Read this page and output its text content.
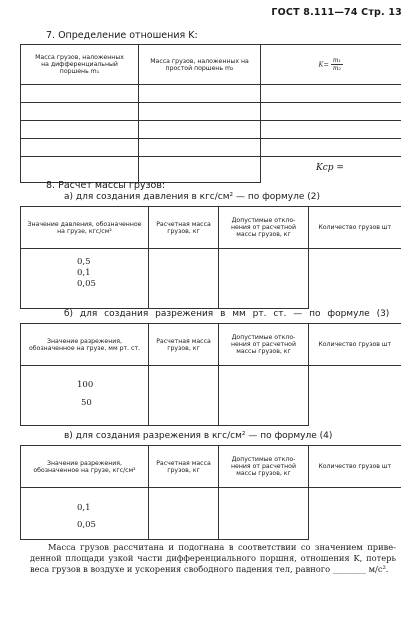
ГОСТ 8.111—74 Стр. 13
7. Определение отношения K:
Масса грузов, наложенных на дифференциальный поршень m₁	Масса грузов, наложенных на простой поршень m₂	$K= \frac{\text{m₁}}{\text{m₂}}$

Kср =
8. Расчет массы грузов:
а) для создания давления в кгс/см² — по формуле (2)
Значение давления, обозначенное на грузе, кгс/см²	Расчетная масса грузов, кг	Допустимые отклонения от расчетной массы грузов, кг	Количество грузов шт

0,5
0,1
0,05			

б) для создания разрежения в мм рт. ст. — по формуле (3)
Значение разрежения, обозначенное на грузе, мм рт. ст.	Расчетная масса грузов, кг	Допустимые отклонения от расчетной массы грузов, кг	Количество грузов шт

100
50			

в) для создания разрежения в кгс/см² — по формуле (4)
Значение разрежения, обозначенное на грузе, кгс/см²	Расчетная масса грузов, кг	Допустимые отклонения от расчетной массы грузов, кг	Количество грузов шт

0,1
0,05			

Масса грузов рассчитана и подогнана в соответствии со значением приведенной площади узкой части дифференциального поршня, отношения K, потерь веса грузов в воздухе и ускорения свободного падения тел, равного ________ м/с².
